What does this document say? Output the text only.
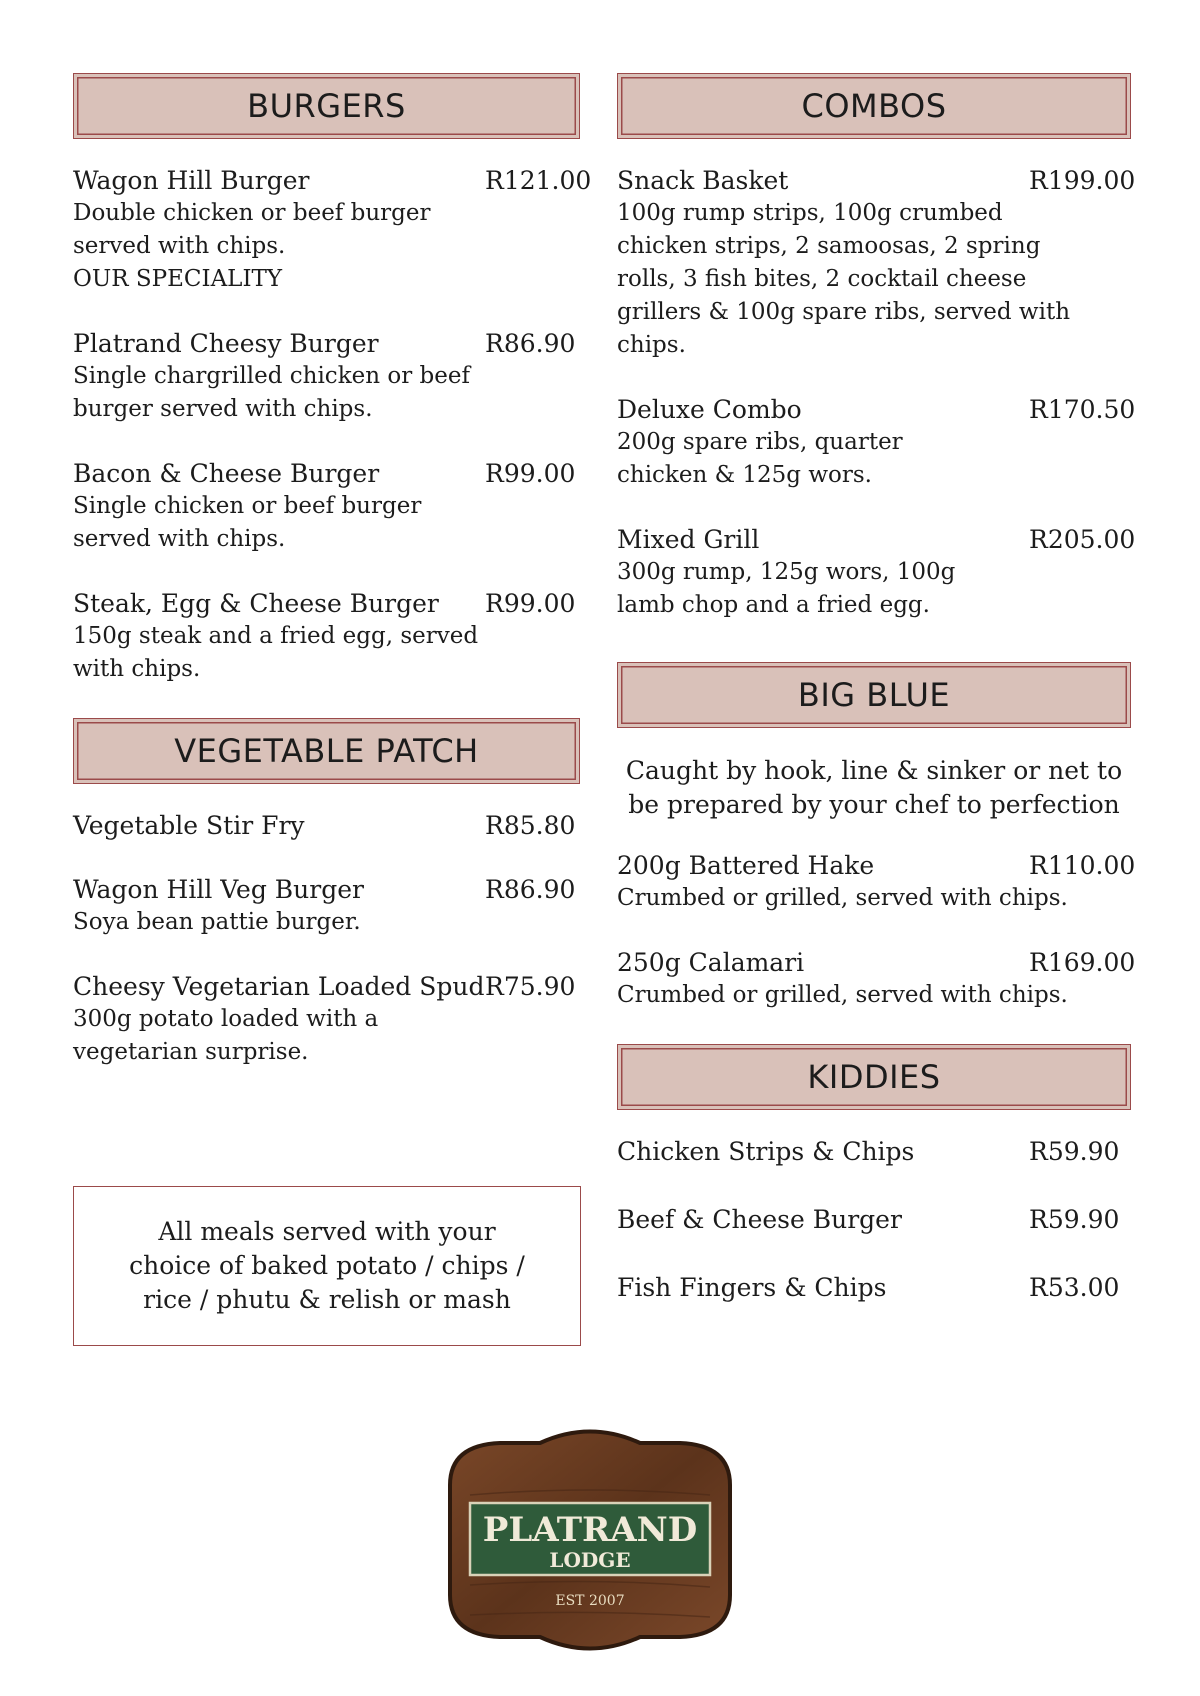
BURGERS
Wagon Hill Burger	R121.00
Double chicken or beef burger served with chips.
OUR SPECIALITY
Platrand Cheesy Burger	R86.90
Single chargrilled chicken or beef burger served with chips.
Bacon & Cheese Burger	R99.00
Single chicken or beef burger served with chips.
Steak, Egg & Cheese Burger	R99.00
150g steak and a fried egg, served with chips.
VEGETABLE PATCH
Vegetable Stir Fry	R85.80
Wagon Hill Veg Burger	R86.90
Soya bean pattie burger.
Cheesy Vegetarian Loaded Spud R75.90
300g potato loaded with a vegetarian surprise.

All meals served with your choice of baked potato / chips / rice / phutu & relish or mash

COMBOS
Snack Basket	R199.00
100g rump strips, 100g crumbed chicken strips, 2 samoosas, 2 spring rolls, 3 fish bites, 2 cocktail cheese grillers & 100g spare ribs, served with chips.
Deluxe Combo	R170.50
200g spare ribs, quarter chicken & 125g wors.
Mixed Grill	R205.00
300g rump, 125g wors, 100g lamb chop and a fried egg.
BIG BLUE
Caught by hook, line & sinker or net to be prepared by your chef to perfection
200g Battered Hake	R110.00
Crumbed or grilled, served with chips.
250g Calamari	R169.00
Crumbed or grilled, served with chips.
KIDDIES
Chicken Strips & Chips	R59.90
Beef & Cheese Burger	R59.90
Fish Fingers & Chips	R53.00
PLATRAND
LODGE
EST 2007
